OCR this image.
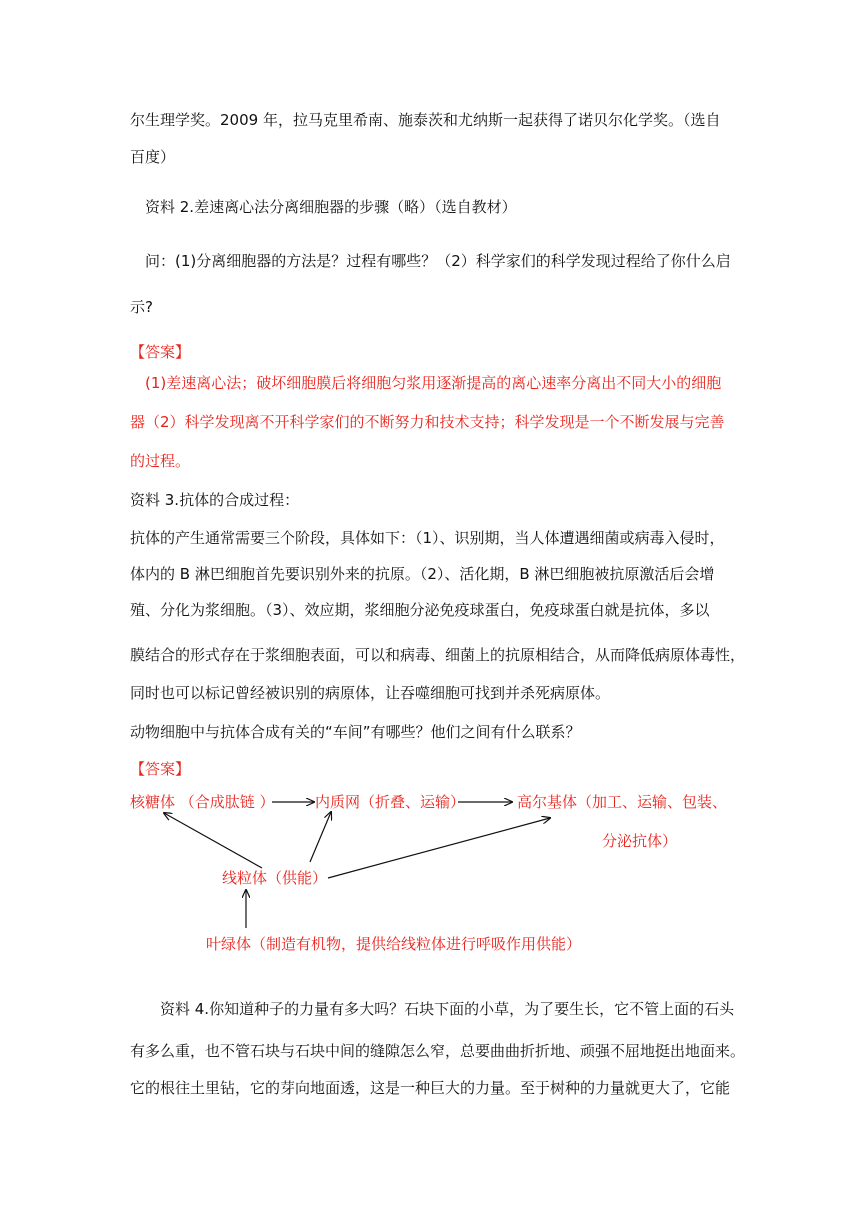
尔生理学奖。2009 年，拉马克里希南、施泰茨和尤纳斯一起获得了诺贝尔化学奖。（选自
百度）
资料 2.差速离心法分离细胞器的步骤（略）（选自教材）
问：(1)分离细胞器的方法是？过程有哪些？（2）科学家们的科学发现过程给了你什么启
示?
【答案】
(1)差速离心法；破坏细胞膜后将细胞匀浆用逐渐提高的离心速率分离出不同大小的细胞
器（2）科学发现离不开科学家们的不断努力和技术支持；科学发现是一个不断发展与完善
的过程。
资料 3.抗体的合成过程：
抗体的产生通常需要三个阶段，具体如下：（1）、识别期，当人体遭遇细菌或病毒入侵时，
体内的 B 淋巴细胞首先要识别外来的抗原。（2）、活化期，B 淋巴细胞被抗原激活后会增
殖、分化为浆细胞。（3）、效应期，浆细胞分泌免疫球蛋白，免疫球蛋白就是抗体，多以
膜结合的形式存在于浆细胞表面，可以和病毒、细菌上的抗原相结合，从而降低病原体毒性，
同时也可以标记曾经被识别的病原体，让吞噬细胞可找到并杀死病原体。
动物细胞中与抗体合成有关的“车间”有哪些？他们之间有什么联系？
【答案】
核糖体 （合成肽链 ）	内质网（折叠、运输）	高尔基体（加工、运输、包装、
分泌抗体）
线粒体（供能）
叶绿体（制造有机物，提供给线粒体进行呼吸作用供能）
资料 4.你知道种子的力量有多大吗？石块下面的小草，为了要生长，它不管上面的石头
有多么重，也不管石块与石块中间的缝隙怎么窄，总要曲曲折折地、顽强不屈地挺出地面来。
它的根往土里钻，它的芽向地面透，这是一种巨大的力量。至于树种的力量就更大了，它能
